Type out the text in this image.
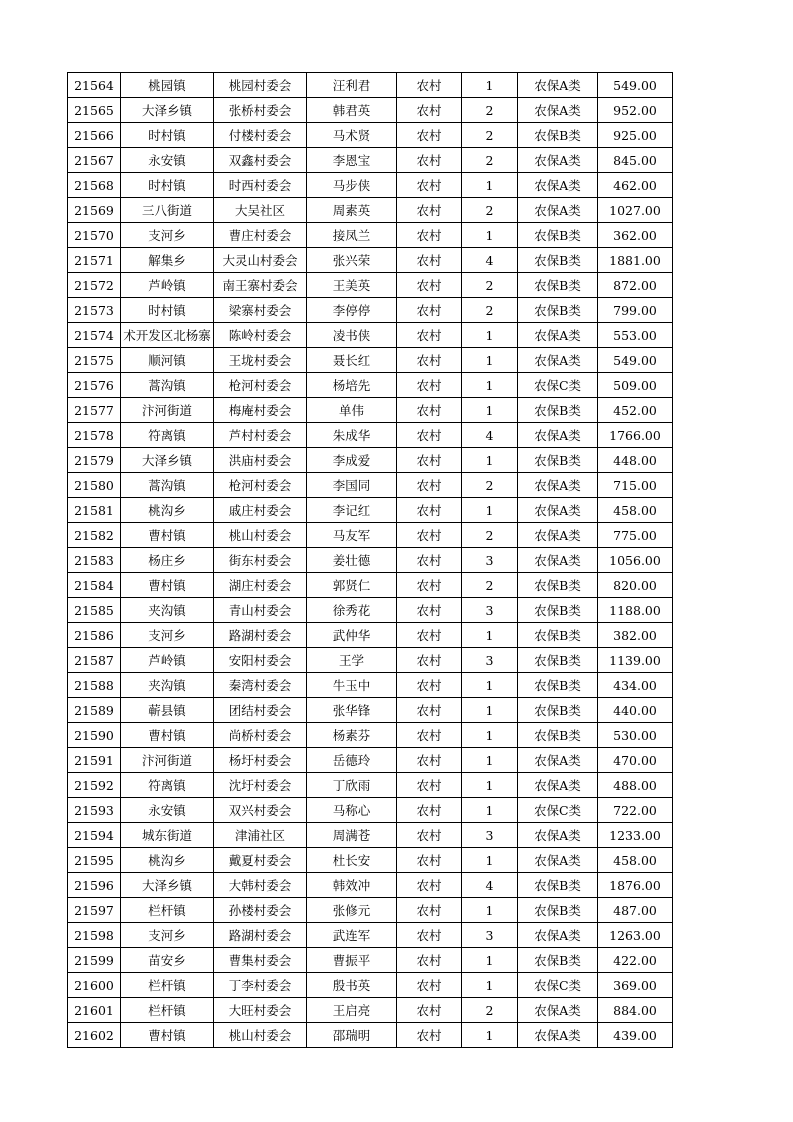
21564	桃园镇	桃园村委会	汪利君	农村	1	农保A类	549.00
21565	大泽乡镇	张桥村委会	韩君英	农村	2	农保A类	952.00
21566	时村镇	付楼村委会	马术贤	农村	2	农保B类	925.00
21567	永安镇	双鑫村委会	李恩宝	农村	2	农保A类	845.00
21568	时村镇	时西村委会	马步侠	农村	1	农保A类	462.00
21569	三八街道	大吴社区	周素英	农村	2	农保A类	1027.00
21570	支河乡	曹庄村委会	接凤兰	农村	1	农保B类	362.00
21571	解集乡	大灵山村委会	张兴荣	农村	4	农保B类	1881.00
21572	芦岭镇	南王寨村委会	王美英	农村	2	农保B类	872.00
21573	时村镇	梁寨村委会	李停停	农村	2	农保B类	799.00
21574	术开发区北杨寨	陈岭村委会	凌书侠	农村	1	农保A类	553.00
21575	顺河镇	王垅村委会	聂长红	农村	1	农保A类	549.00
21576	蒿沟镇	枪河村委会	杨培先	农村	1	农保C类	509.00
21577	汴河街道	梅庵村委会	单伟	农村	1	农保B类	452.00
21578	符离镇	芦村村委会	朱成华	农村	4	农保A类	1766.00
21579	大泽乡镇	洪庙村委会	李成爱	农村	1	农保B类	448.00
21580	蒿沟镇	枪河村委会	李国同	农村	2	农保A类	715.00
21581	桃沟乡	戚庄村委会	李记红	农村	1	农保A类	458.00
21582	曹村镇	桃山村委会	马友军	农村	2	农保A类	775.00
21583	杨庄乡	街东村委会	姜壮德	农村	3	农保A类	1056.00
21584	曹村镇	湖庄村委会	郭贤仁	农村	2	农保B类	820.00
21585	夹沟镇	青山村委会	徐秀花	农村	3	农保B类	1188.00
21586	支河乡	路湖村委会	武仲华	农村	1	农保B类	382.00
21587	芦岭镇	安阳村委会	王学	农村	3	农保B类	1139.00
21588	夹沟镇	秦湾村委会	牛玉中	农村	1	农保B类	434.00
21589	蕲县镇	团结村委会	张华锋	农村	1	农保B类	440.00
21590	曹村镇	尚桥村委会	杨素芬	农村	1	农保B类	530.00
21591	汴河街道	杨圩村委会	岳德玲	农村	1	农保A类	470.00
21592	符离镇	沈圩村委会	丁欣雨	农村	1	农保A类	488.00
21593	永安镇	双兴村委会	马称心	农村	1	农保C类	722.00
21594	城东街道	津浦社区	周满苍	农村	3	农保A类	1233.00
21595	桃沟乡	戴夏村委会	杜长安	农村	1	农保A类	458.00
21596	大泽乡镇	大韩村委会	韩效冲	农村	4	农保B类	1876.00
21597	栏杆镇	孙楼村委会	张修元	农村	1	农保B类	487.00
21598	支河乡	路湖村委会	武连军	农村	3	农保A类	1263.00
21599	苗安乡	曹集村委会	曹振平	农村	1	农保B类	422.00
21600	栏杆镇	丁李村委会	殷书英	农村	1	农保C类	369.00
21601	栏杆镇	大旺村委会	王启亮	农村	2	农保A类	884.00
21602	曹村镇	桃山村委会	邵瑞明	农村	1	农保A类	439.00
